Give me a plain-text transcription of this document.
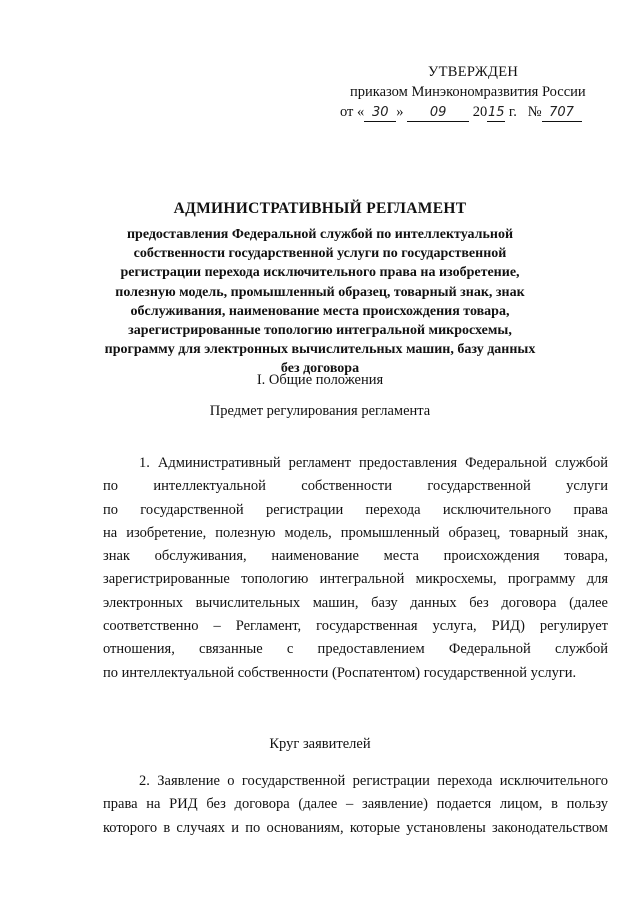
УТВЕРЖДЕН
приказом Минэкономразвития России
от « 30 » 09 2015 г. № 707
АДМИНИСТРАТИВНЫЙ РЕГЛАМЕНТ
предоставления Федеральной службой по интеллектуальной собственности государственной услуги по государственной регистрации перехода исключительного права на изобретение, полезную модель, промышленный образец, товарный знак, знак обслуживания, наименование места происхождения товара, зарегистрированные топологию интегральной микросхемы, программу для электронных вычислительных машин, базу данных без договора
I. Общие положения
Предмет регулирования регламента
1. Административный регламент предоставления Федеральной службой
по интеллектуальной собственности государственной услуги
по государственной регистрации перехода исключительного права
на изобретение, полезную модель, промышленный образец, товарный знак,
знак обслуживания, наименование места происхождения товара,
зарегистрированные топологию интегральной микросхемы, программу для
электронных вычислительных машин, базу данных без договора (далее
соответственно – Регламент, государственная услуга, РИД) регулирует
отношения, связанные с предоставлением Федеральной службой
по интеллектуальной собственности (Роспатентом) государственной услуги.
Круг заявителей
2. Заявление о государственной регистрации перехода исключительного
права на РИД без договора (далее – заявление) подается лицом, в пользу
которого в случаях и по основаниям, которые установлены законодательством
